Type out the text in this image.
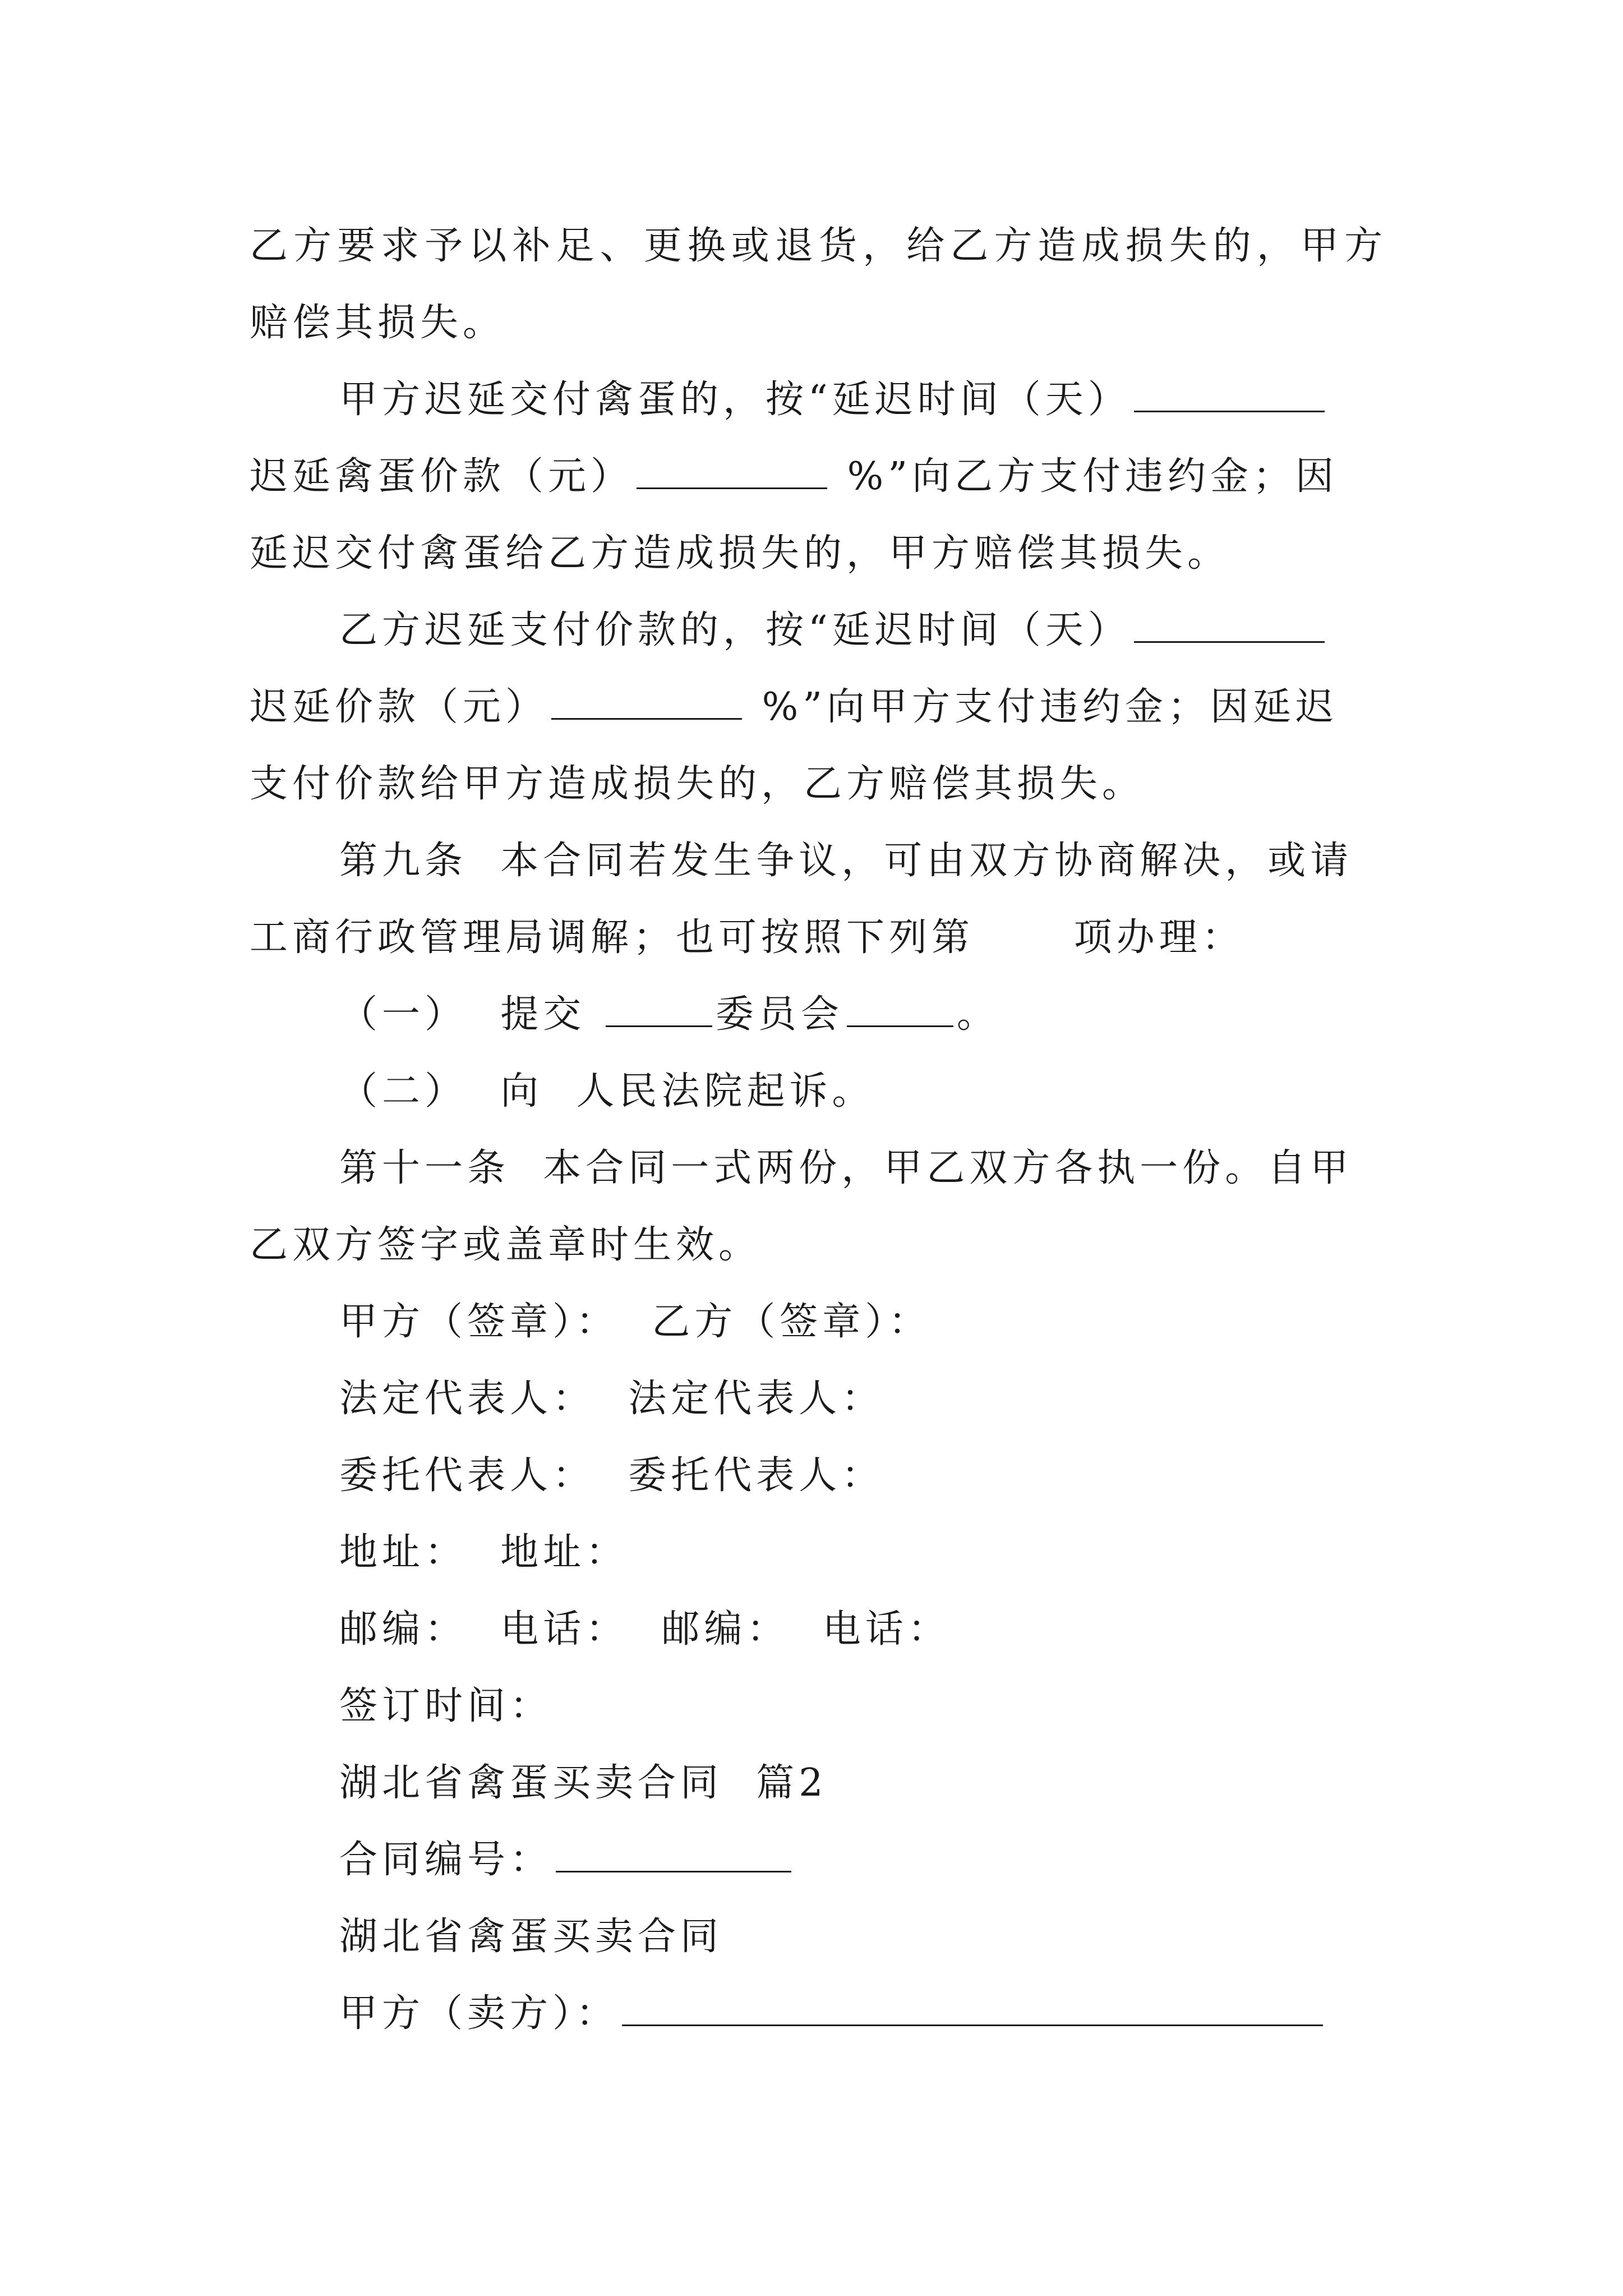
乙方要求予以补足、更换或退货，给乙方造成损失的，甲方
赔偿其损失。
甲方迟延交付禽蛋的，按“延迟时间（天）
迟延禽蛋价款（元）	%”向乙方支付违约金；因
延迟交付禽蛋给乙方造成损失的，甲方赔偿其损失。
乙方迟延支付价款的，按“延迟时间（天）
迟延价款（元）	%”向甲方支付违约金；因延迟
支付价款给甲方造成损失的，乙方赔偿其损失。
第九条  本合同若发生争议，可由双方协商解决，或请
工商行政管理局调解；也可按照下列第	项办理：
（一）  提交	委员会	。
（二）  向  人民法院起诉。
第十一条  本合同一式两份，甲乙双方各执一份。自甲
乙双方签字或盖章时生效。
甲方（签章）：  乙方（签章）：
法定代表人：  法定代表人：
委托代表人：  委托代表人：
地址：  地址：
邮编：  电话：  邮编：  电话：
签订时间：
湖北省禽蛋买卖合同  篇2
合同编号：
湖北省禽蛋买卖合同
甲方（卖方）：
